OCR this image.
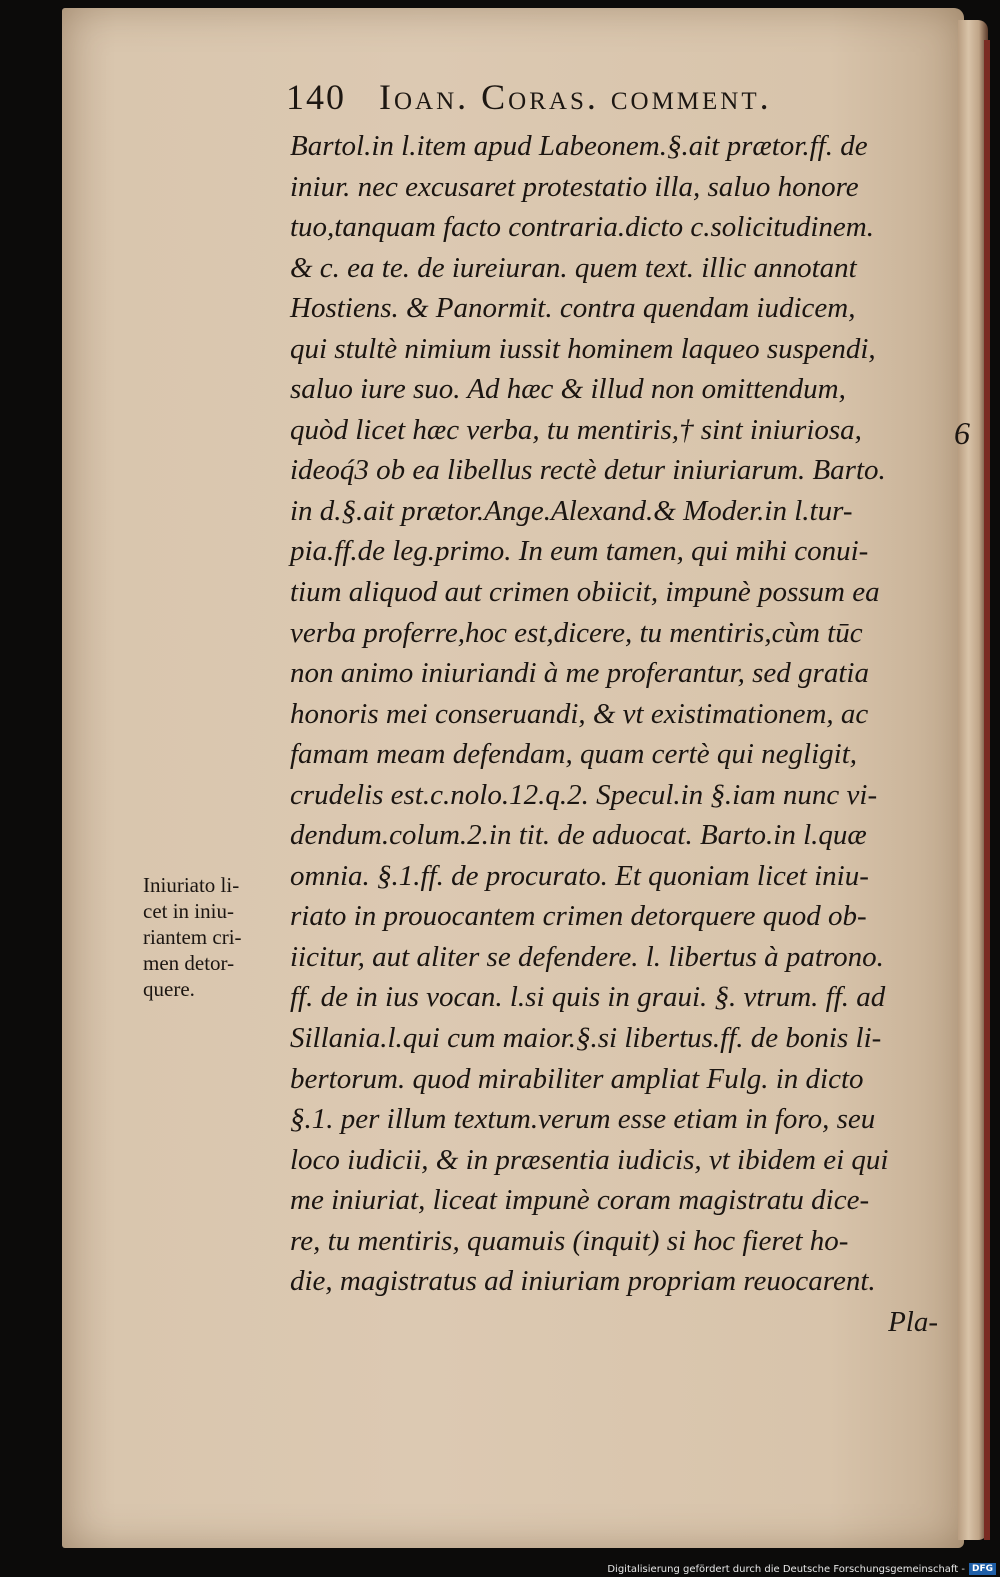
140 Ioan. Coras. comment.
Bartol.in l.item apud Labeonem.§.ait prætor.ff. de
iniur. nec excusaret protestatio illa, saluo honore
tuo,tanquam facto contraria.dicto c.solicitudinem.
& c. ea te. de iureiuran. quem text. illic annotant
Hostiens. & Panormit. contra quendam iudicem,
qui stultè nimium iussit hominem laqueo suspendi,
saluo iure suo. Ad hæc & illud non omittendum,
quòd licet hæc verba, tu mentiris,† sint iniuriosa,
ideoq́3 ob ea libellus rectè detur iniuriarum. Barto.
in d.§.ait prætor.Ange.Alexand.& Moder.in l.tur-
pia.ff.de leg.primo. In eum tamen, qui mihi conui-
tium aliquod aut crimen obiicit, impunè possum ea
verba proferre,hoc est,dicere, tu mentiris,cùm tūc
non animo iniuriandi à me proferantur, sed gratia
honoris mei conseruandi, & vt existimationem, ac
famam meam defendam, quam certè qui negligit,
crudelis est.c.nolo.12.q.2. Specul.in §.iam nunc vi-
dendum.colum.2.in tit. de aduocat. Barto.in l.quæ
omnia. §.1.ff. de procurato. Et quoniam licet iniu-
riato in prouocantem crimen detorquere quod ob-
iicitur, aut aliter se defendere. l. libertus à patrono.
ff. de in ius vocan. l.si quis in graui. §. vtrum. ff. ad
Sillania.l.qui cum maior.§.si libertus.ff. de bonis li-
bertorum. quod mirabiliter ampliat Fulg. in dicto
§.1. per illum textum.verum esse etiam in foro, seu
loco iudicii, & in præsentia iudicis, vt ibidem ei qui
me iniuriat, liceat impunè coram magistratu dice-
re, tu mentiris, quamuis (inquit) si hoc fieret ho-
die, magistratus ad iniuriam propriam reuocarent.
Pla-
6
Iniuriato li-
cet in iniu-
riantem cri-
men detor-
quere.
Digitalisierung gefördert durch die Deutsche Forschungsgemeinschaft - DFG
